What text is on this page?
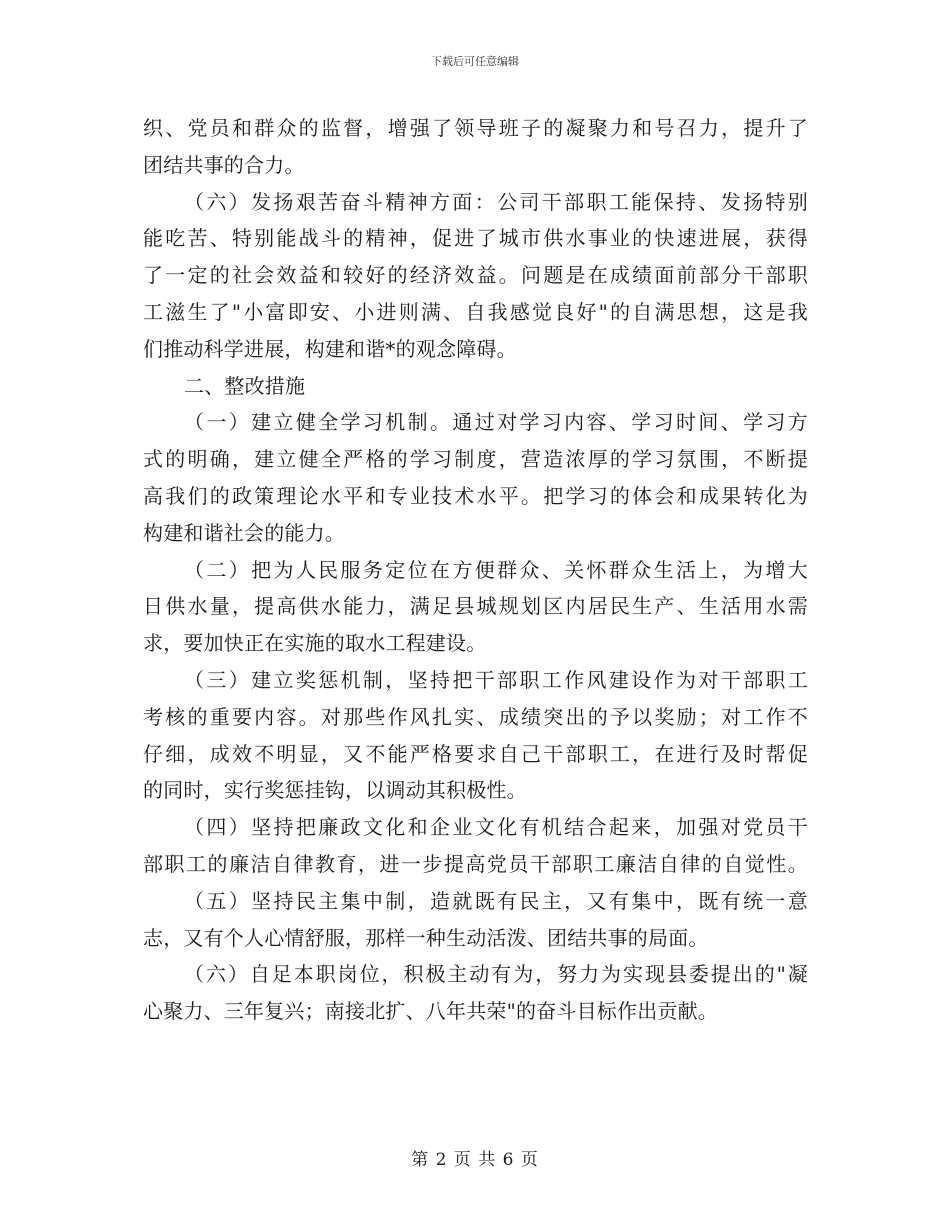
下载后可任意编辑
织、党员和群众的监督，增强了领导班子的凝聚力和号召力，提升了
团结共事的合力。
（六）发扬艰苦奋斗精神方面：公司干部职工能保持、发扬特别
能吃苦、特别能战斗的精神，促进了城市供水事业的快速进展，获得
了一定的社会效益和较好的经济效益。问题是在成绩面前部分干部职
工滋生了"小富即安、小进则满、自我感觉良好"的自满思想，这是我
们推动科学进展，构建和谐*的观念障碍。
二、整改措施
（一）建立健全学习机制。通过对学习内容、学习时间、学习方
式的明确，建立健全严格的学习制度，营造浓厚的学习氛围，不断提
高我们的政策理论水平和专业技术水平。把学习的体会和成果转化为
构建和谐社会的能力。
（二）把为人民服务定位在方便群众、关怀群众生活上，为增大
日供水量，提高供水能力，满足县城规划区内居民生产、生活用水需
求，要加快正在实施的取水工程建设。
（三）建立奖惩机制，坚持把干部职工作风建设作为对干部职工
考核的重要内容。对那些作风扎实、成绩突出的予以奖励；对工作不
仔细，成效不明显，又不能严格要求自己干部职工，在进行及时帮促
的同时，实行奖惩挂钩，以调动其积极性。
（四）坚持把廉政文化和企业文化有机结合起来，加强对党员干
部职工的廉洁自律教育，进一步提高党员干部职工廉洁自律的自觉性。
（五）坚持民主集中制，造就既有民主，又有集中，既有统一意
志，又有个人心情舒服，那样一种生动活泼、团结共事的局面。
（六）自足本职岗位，积极主动有为，努力为实现县委提出的"凝
心聚力、三年复兴；南接北扩、八年共荣"的奋斗目标作出贡献。
第 2 页 共 6 页
